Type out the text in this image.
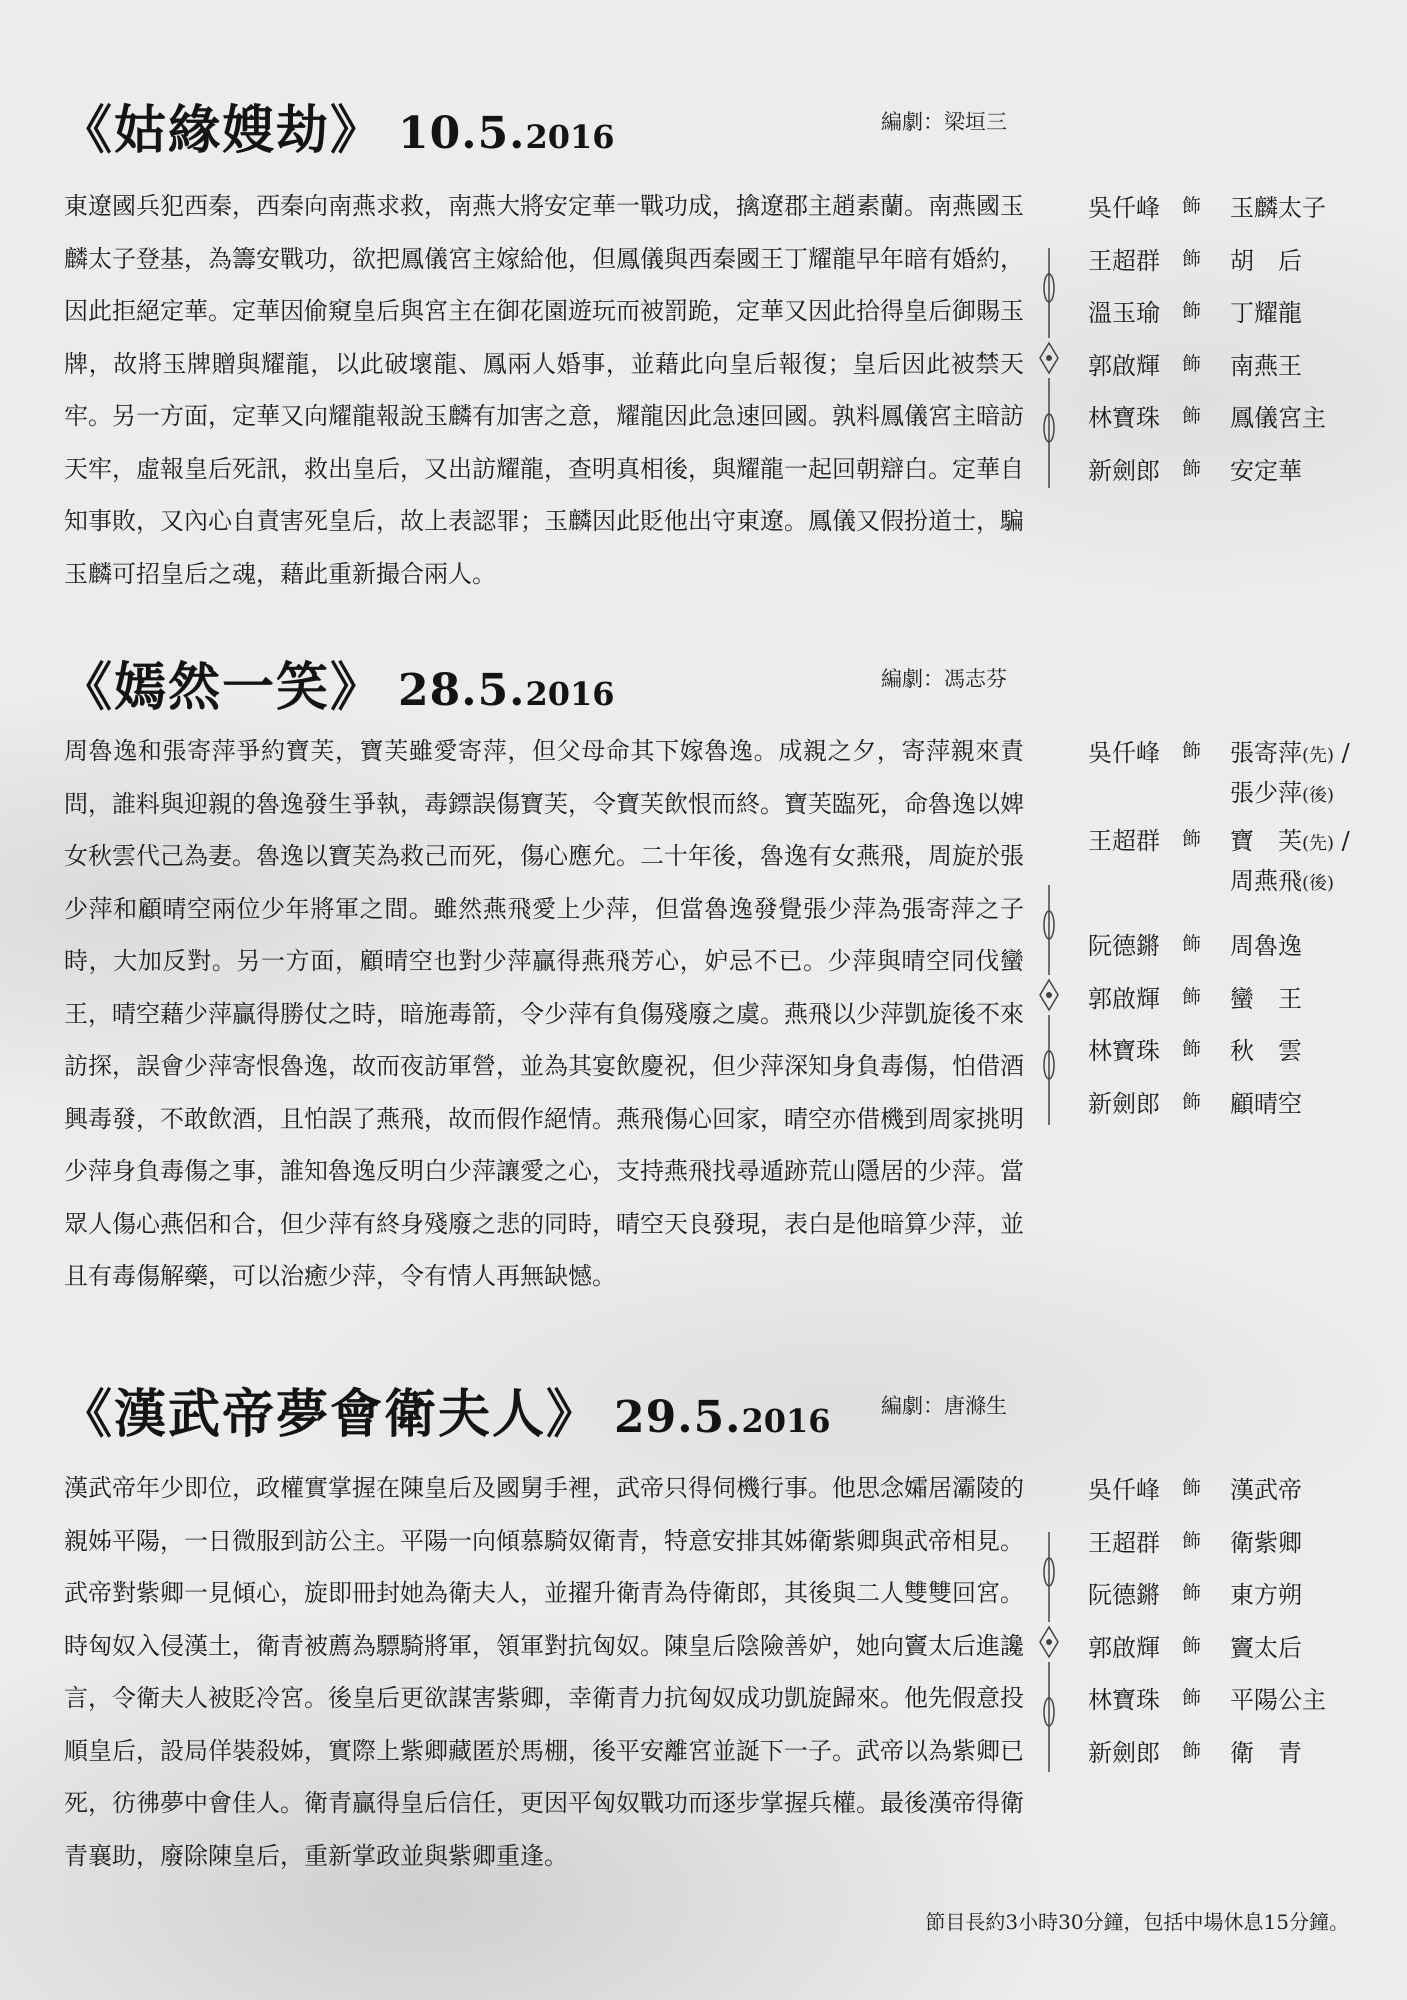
《姑緣嫂劫》 10.5.2016	編劇：梁垣三
東遼國兵犯西秦，西秦向南燕求救，南燕大將安定華一戰功成，擒遼郡主趙素蘭。南燕國玉麟太子登基，為籌安戰功，欲把鳳儀宮主嫁給他，但鳳儀與西秦國王丁耀龍早年暗有婚約，因此拒絕定華。定華因偷窺皇后與宮主在御花園遊玩而被罰跪，定華又因此拾得皇后御賜玉牌，故將玉牌贈與耀龍，以此破壞龍、鳳兩人婚事，並藉此向皇后報復；皇后因此被禁天牢。另一方面，定華又向耀龍報說玉麟有加害之意，耀龍因此急速回國。孰料鳳儀宮主暗訪天牢，虛報皇后死訊，救出皇后，又出訪耀龍，查明真相後，與耀龍一起回朝辯白。定華自知事敗，又內心自責害死皇后，故上表認罪；玉麟因此貶他出守東遼。鳳儀又假扮道士，騙玉麟可招皇后之魂，藉此重新撮合兩人。
吳仟峰	飾 玉麟太子
王超群	飾 胡　后
溫玉瑜	飾 丁耀龍
郭啟輝	飾 南燕王
林寶珠	飾 鳳儀宮主
新劍郎	飾 安定華
《嫣然一笑》 28.5.2016	編劇：馮志芬
周魯逸和張寄萍爭約寶芙，寶芙雖愛寄萍，但父母命其下嫁魯逸。成親之夕，寄萍親來責問，誰料與迎親的魯逸發生爭執，毒鏢誤傷寶芙，令寶芙飲恨而終。寶芙臨死，命魯逸以婢女秋雲代己為妻。魯逸以寶芙為救己而死，傷心應允。二十年後，魯逸有女燕飛，周旋於張少萍和顧晴空兩位少年將軍之間。雖然燕飛愛上少萍，但當魯逸發覺張少萍為張寄萍之子時，大加反對。另一方面，顧晴空也對少萍贏得燕飛芳心，妒忌不已。少萍與晴空同伐蠻王，晴空藉少萍贏得勝仗之時，暗施毒箭，令少萍有負傷殘廢之虞。燕飛以少萍凱旋後不來訪探，誤會少萍寄恨魯逸，故而夜訪軍營，並為其宴飲慶祝，但少萍深知身負毒傷，怕借酒興毒發，不敢飲酒，且怕誤了燕飛，故而假作絕情。燕飛傷心回家，晴空亦借機到周家挑明少萍身負毒傷之事，誰知魯逸反明白少萍讓愛之心，支持燕飛找尋遁跡荒山隱居的少萍。當眾人傷心燕侶和合，但少萍有終身殘廢之悲的同時，晴空天良發現，表白是他暗算少萍，並且有毒傷解藥，可以治癒少萍，令有情人再無缺憾。
吳仟峰	飾 張寄萍(先) /
張少萍(後)
王超群	飾 寶　芙(先) /
周燕飛(後)
阮德鏘	飾 周魯逸
郭啟輝	飾 蠻　王
林寶珠	飾 秋　雲
新劍郎	飾 顧晴空
《漢武帝夢會衛夫人》 29.5.2016 編劇：唐滌生
漢武帝年少即位，政權實掌握在陳皇后及國舅手裡，武帝只得伺機行事。他思念孀居灞陵的親姊平陽，一日微服到訪公主。平陽一向傾慕騎奴衛青，特意安排其姊衛紫卿與武帝相見。武帝對紫卿一見傾心，旋即冊封她為衛夫人，並擢升衛青為侍衛郎，其後與二人雙雙回宮。時匈奴入侵漢土，衛青被薦為驃騎將軍，領軍對抗匈奴。陳皇后陰險善妒，她向竇太后進讒言，令衛夫人被貶冷宮。後皇后更欲謀害紫卿，幸衛青力抗匈奴成功凱旋歸來。他先假意投順皇后，設局佯裝殺姊，實際上紫卿藏匿於馬棚，後平安離宮並誕下一子。武帝以為紫卿已死，彷彿夢中會佳人。衛青贏得皇后信任，更因平匈奴戰功而逐步掌握兵權。最後漢帝得衛青襄助，廢除陳皇后，重新掌政並與紫卿重逢。
吳仟峰	飾 漢武帝
王超群	飾 衛紫卿
阮德鏘	飾 東方朔
郭啟輝	飾 竇太后
林寶珠	飾 平陽公主
新劍郎	飾 衛　青
節目長約3小時30分鐘，包括中場休息15分鐘。
